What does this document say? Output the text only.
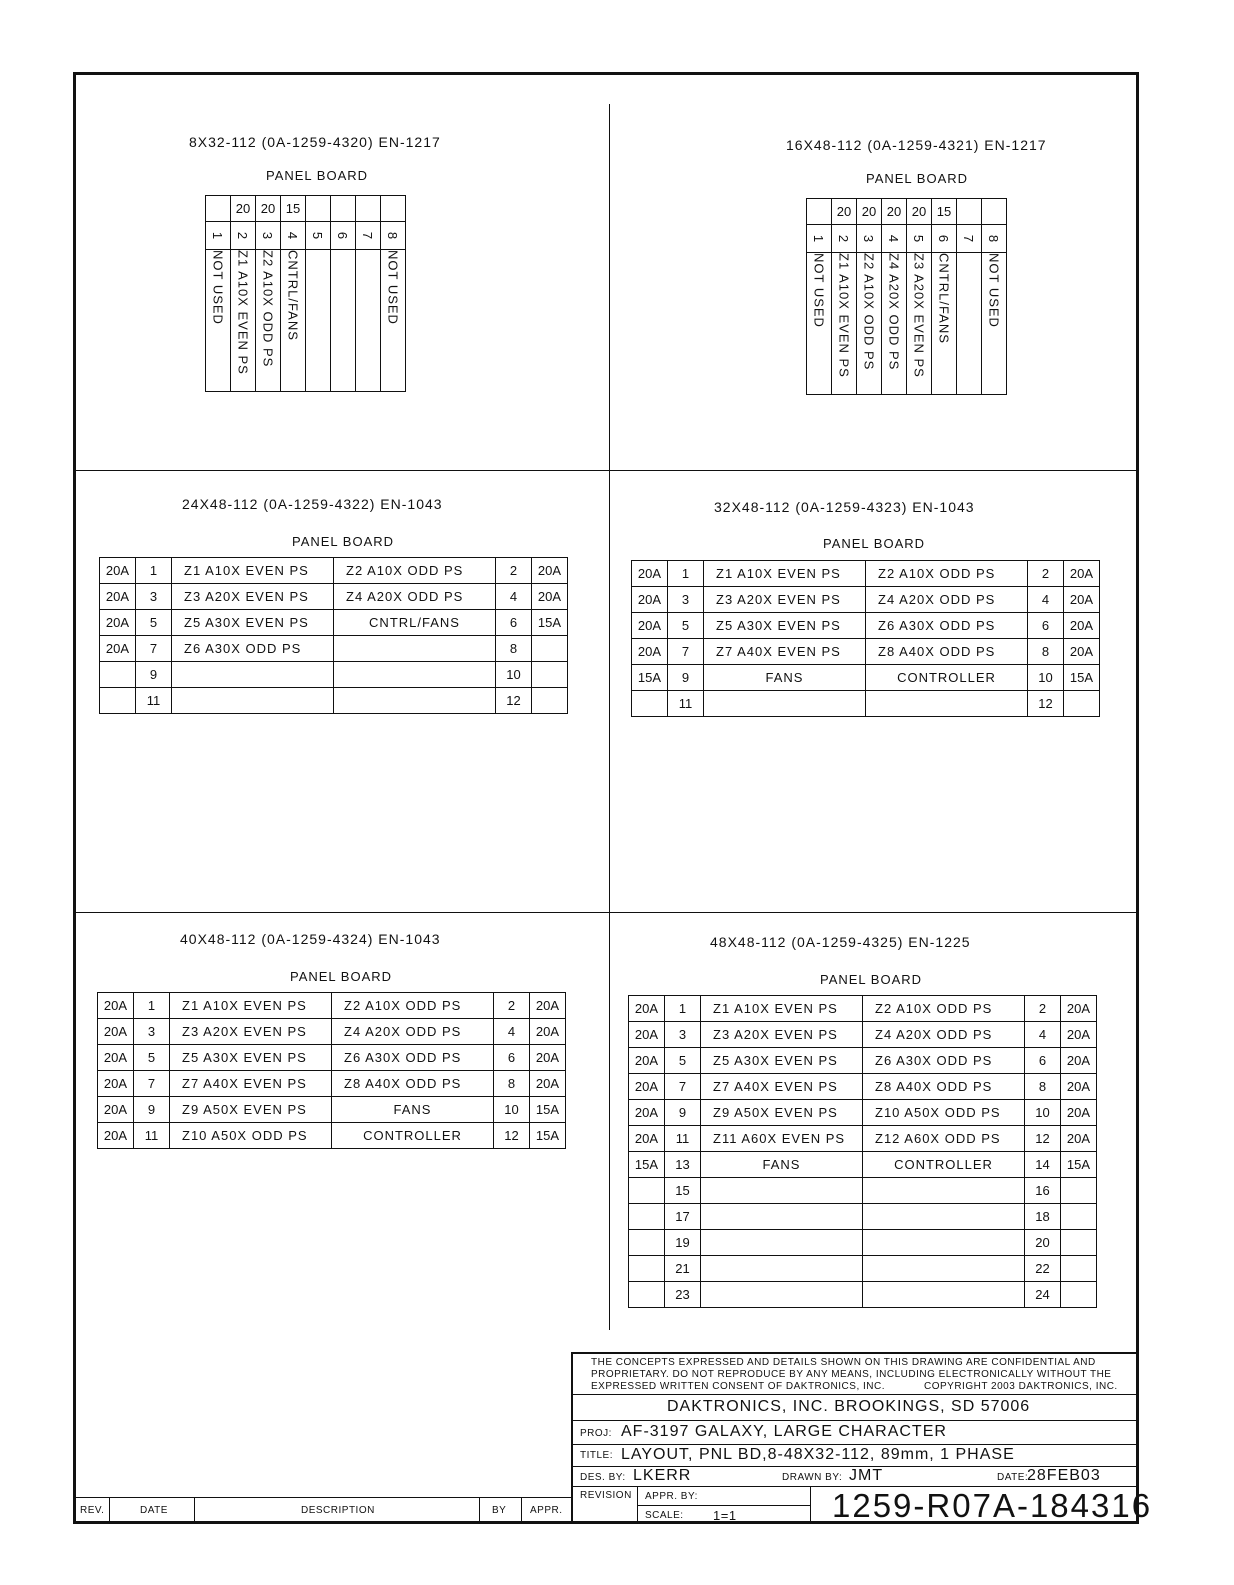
8X32-112 (0A-1259-4320) EN-1217
PANEL BOARD
	20	20	15				
1	2	3	4	5	6	7	8
NOT USED	Z1 A10X EVEN PS	Z2 A10X ODD PS	CNTRL/FANS				NOT USED
16X48-112 (0A-1259-4321) EN-1217
PANEL BOARD
	20	20	20	20	15		
1	2	3	4	5	6	7	8
NOT USED	Z1 A10X EVEN PS	Z2 A10X ODD PS	Z4 A20X ODD PS	Z3 A20X EVEN PS	CNTRL/FANS		NOT USED
24X48-112 (0A-1259-4322) EN-1043
PANEL BOARD
20A	1	Z1 A10X EVEN PS	Z2 A10X ODD PS	2	20A
20A	3	Z3 A20X EVEN PS	Z4 A20X ODD PS	4	20A
20A	5	Z5 A30X EVEN PS	CNTRL/FANS	6	15A
20A	7	Z6 A30X ODD PS		8	
	9			10	
	11			12	
32X48-112 (0A-1259-4323) EN-1043
PANEL BOARD
20A	1	Z1 A10X EVEN PS	Z2 A10X ODD PS	2	20A
20A	3	Z3 A20X EVEN PS	Z4 A20X ODD PS	4	20A
20A	5	Z5 A30X EVEN PS	Z6 A30X ODD PS	6	20A
20A	7	Z7 A40X EVEN PS	Z8 A40X ODD PS	8	20A
15A	9	FANS	CONTROLLER	10	15A
	11			12	
40X48-112 (0A-1259-4324) EN-1043
PANEL BOARD
20A	1	Z1 A10X EVEN PS	Z2 A10X ODD PS	2	20A
20A	3	Z3 A20X EVEN PS	Z4 A20X ODD PS	4	20A
20A	5	Z5 A30X EVEN PS	Z6 A30X ODD PS	6	20A
20A	7	Z7 A40X EVEN PS	Z8 A40X ODD PS	8	20A
20A	9	Z9 A50X EVEN PS	FANS	10	15A
20A	11	Z10 A50X ODD PS	CONTROLLER	12	15A
48X48-112 (0A-1259-4325) EN-1225
PANEL BOARD
20A	1	Z1 A10X EVEN PS	Z2 A10X ODD PS	2	20A
20A	3	Z3 A20X EVEN PS	Z4 A20X ODD PS	4	20A
20A	5	Z5 A30X EVEN PS	Z6 A30X ODD PS	6	20A
20A	7	Z7 A40X EVEN PS	Z8 A40X ODD PS	8	20A
20A	9	Z9 A50X EVEN PS	Z10 A50X ODD PS	10	20A
20A	11	Z11 A60X EVEN PS	Z12 A60X ODD PS	12	20A
15A	13	FANS	CONTROLLER	14	15A
	15			16	
	17			18	
	19			20	
	21			22	
	23			24	
THE CONCEPTS EXPRESSED AND DETAILS SHOWN ON THIS DRAWING ARE CONFIDENTIAL AND
PROPRIETARY. DO NOT REPRODUCE BY ANY MEANS, INCLUDING ELECTRONICALLY WITHOUT THE
EXPRESSED WRITTEN CONSENT OF DAKTRONICS, INC.	COPYRIGHT 2003 DAKTRONICS, INC.
DAKTRONICS, INC. BROOKINGS, SD 57006
PROJ: AF-3197 GALAXY, LARGE CHARACTER
TITLE: LAYOUT, PNL BD,8-48X32-112, 89mm, 1 PHASE
DES. BY: LKERR	DRAWN BY: JMT	DATE:
28FEB03
REVISION APPR. BY:
SCALE: 1=1	1259-R07A-184316
REV.	DATE	DESCRIPTION	BY APPR.
